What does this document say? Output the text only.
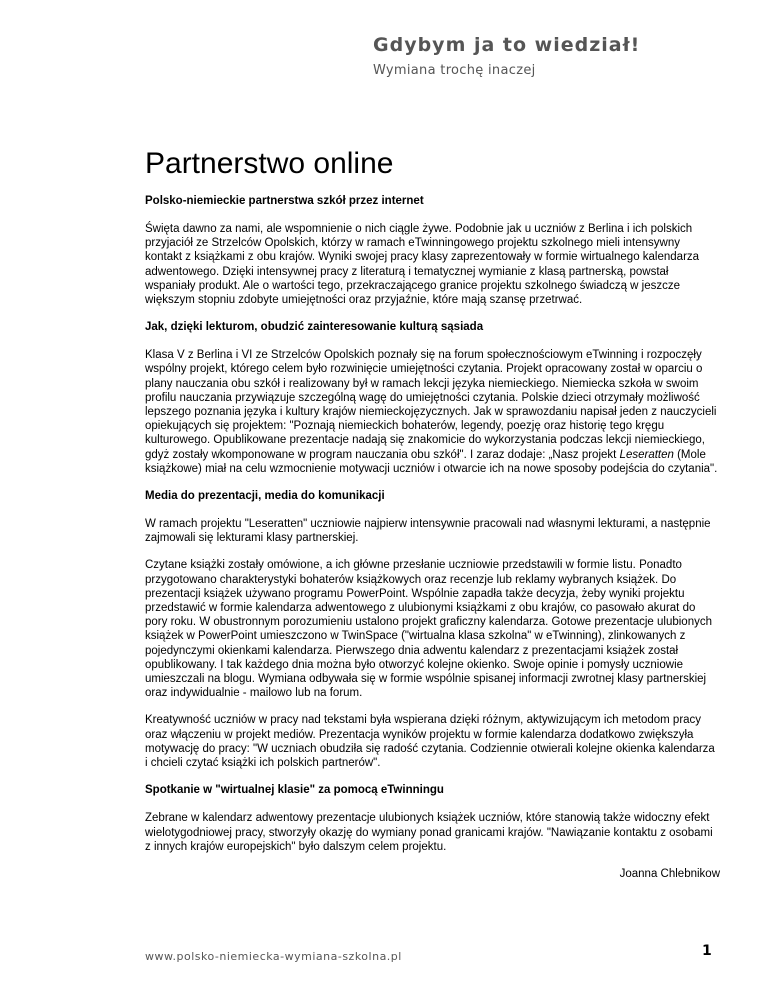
Gdybym ja to wiedział!
Wymiana trochę inaczej
Partnerstwo online
Polsko-niemieckie partnerstwa szkół przez internet

Święta dawno za nami, ale wspomnienie o nich ciągle żywe. Podobnie jak u uczniów z Berlina i ich polskich przyjaciół ze Strzelców Opolskich, którzy w ramach eTwinningowego projektu szkolnego mieli intensywny kontakt z książkami z obu krajów. Wyniki swojej pracy klasy zaprezentowały w formie wirtualnego kalendarza adwentowego. Dzięki intensywnej pracy z literaturą i tematycznej wymianie z klasą partnerską, powstał wspaniały produkt. Ale o wartości tego, przekraczającego granice projektu szkolnego świadczą w jeszcze większym stopniu zdobyte umiejętności oraz przyjaźnie, które mają szansę przetrwać.

Jak, dzięki lekturom, obudzić zainteresowanie kulturą sąsiada

Klasa V z Berlina i VI ze Strzelców Opolskich poznały się na forum społecznościowym eTwinning i rozpoczęły wspólny projekt, którego celem było rozwinięcie umiejętności czytania. Projekt opracowany został w oparciu o plany nauczania obu szkół i realizowany był w ramach lekcji języka niemieckiego. Niemiecka szkoła w swoim profilu nauczania przywiązuje szczególną wagę do umiejętności czytania. Polskie dzieci otrzymały możliwość lepszego poznania języka i kultury krajów niemieckojęzycznych. Jak w sprawozdaniu napisał jeden z nauczycieli opiekujących się projektem: "Poznają niemieckich bohaterów, legendy, poezję oraz historię tego kręgu kulturowego. Opublikowane prezentacje nadają się znakomicie do wykorzystania podczas lekcji niemieckiego, gdyż zostały wkomponowane w program nauczania obu szkół". I zaraz dodaje: „Nasz projekt Leseratten (Mole książkowe) miał na celu wzmocnienie motywacji uczniów i otwarcie ich na nowe sposoby podejścia do czytania".

Media do prezentacji, media do komunikacji

W ramach projektu "Leseratten" uczniowie najpierw intensywnie pracowali nad własnymi lekturami, a następnie zajmowali się lekturami klasy partnerskiej.

Czytane książki zostały omówione, a ich główne przesłanie uczniowie przedstawili w formie listu. Ponadto przygotowano charakterystyki bohaterów książkowych oraz recenzje lub reklamy wybranych książek. Do prezentacji książek używano programu PowerPoint. Wspólnie zapadła także decyzja, żeby wyniki projektu przedstawić w formie kalendarza adwentowego z ulubionymi książkami z obu krajów, co pasowało akurat do pory roku. W obustronnym porozumieniu ustalono projekt graficzny kalendarza. Gotowe prezentacje ulubionych książek w PowerPoint umieszczono w TwinSpace ("wirtualna klasa szkolna" w eTwinning), zlinkowanych z pojedynczymi okienkami kalendarza. Pierwszego dnia adwentu kalendarz z prezentacjami książek został opublikowany. I tak każdego dnia można było otworzyć kolejne okienko. Swoje opinie i pomysły uczniowie umieszczali na blogu. Wymiana odbywała się w formie wspólnie spisanej informacji zwrotnej klasy partnerskiej oraz indywidualnie - mailowo lub na forum.

Kreatywność uczniów w pracy nad tekstami była wspierana dzięki różnym, aktywizującym ich metodom pracy oraz włączeniu w projekt mediów. Prezentacja wyników projektu w formie kalendarza dodatkowo zwiększyła motywację do pracy: "W uczniach obudziła się radość czytania. Codziennie otwierali kolejne okienka kalendarza i chcieli czytać książki ich polskich partnerów".

Spotkanie w "wirtualnej klasie" za pomocą eTwinningu

Zebrane w kalendarz adwentowy prezentacje ulubionych książek uczniów, które stanowią także widoczny efekt wielotygodniowej pracy, stworzyły okazję do wymiany ponad granicami krajów. "Nawiązanie kontaktu z osobami z innych krajów europejskich" było dalszym celem projektu.

Joanna Chlebnikow

www.polsko-niemiecka-wymiana-szkolna.pl	1
